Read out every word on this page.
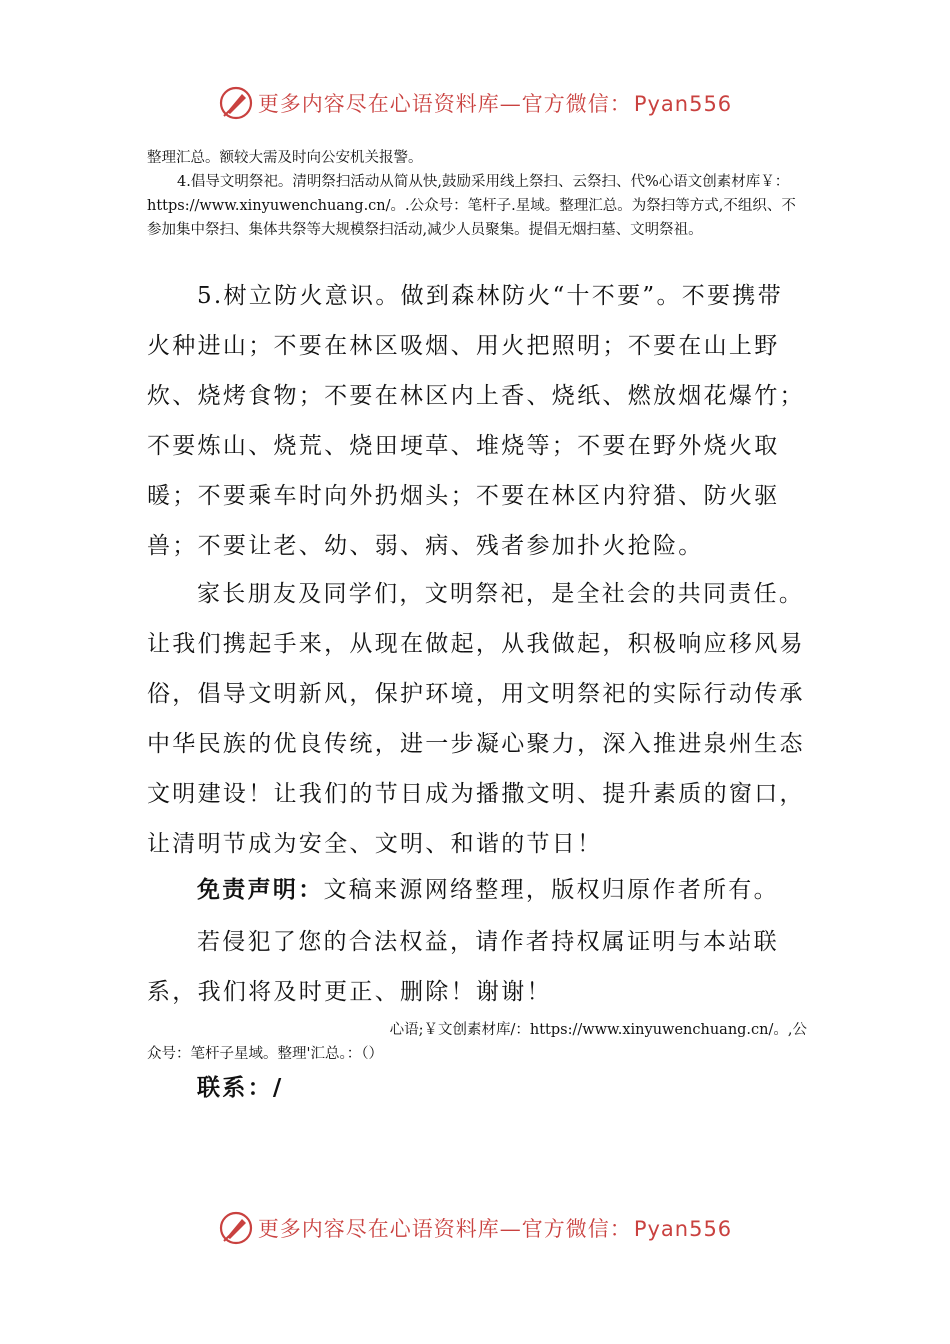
更多内容尽在心语资料库—官方微信：Pyan556

整理汇总。额较大需及时向公安机关报警。

4.倡导文明祭祀。清明祭扫活动从简从快,鼓励采用线上祭扫、云祭扫、代%心语文创素材库￥：https://www.xinyuwenchuang.cn/。.公众号：笔杆子.星域。整理汇总。为祭扫等方式,不组织、不参加集中祭扫、集体共祭等大规模祭扫活动,减少人员聚集。提倡无烟扫墓、文明祭祖。

5.树立防火意识。做到森林防火“十不要”。不要携带火种进山；不要在林区吸烟、用火把照明；不要在山上野炊、烧烤食物；不要在林区内上香、烧纸、燃放烟花爆竹；不要炼山、烧荒、烧田埂草、堆烧等；不要在野外烧火取暖；不要乘车时向外扔烟头；不要在林区内狩猎、防火驱兽；不要让老、幼、弱、病、残者参加扑火抢险。

家长朋友及同学们，文明祭祀，是全社会的共同责任。让我们携起手来，从现在做起，从我做起，积极响应移风易俗，倡导文明新风，保护环境，用文明祭祀的实际行动传承中华民族的优良传统，进一步凝心聚力，深入推进泉州生态文明建设！让我们的节日成为播撒文明、提升素质的窗口，让清明节成为安全、文明、和谐的节日！

免责声明：文稿来源网络整理，版权归原作者所有。

若侵犯了您的合法权益，请作者持权属证明与本站联系，我们将及时更正、删除！谢谢！

心语;￥文创素材库/：https://www.xinyuwenchuang.cn/。,公

众号：笔杆子星域。整理'汇总。：（）

联系：/

更多内容尽在心语资料库—官方微信：Pyan556
